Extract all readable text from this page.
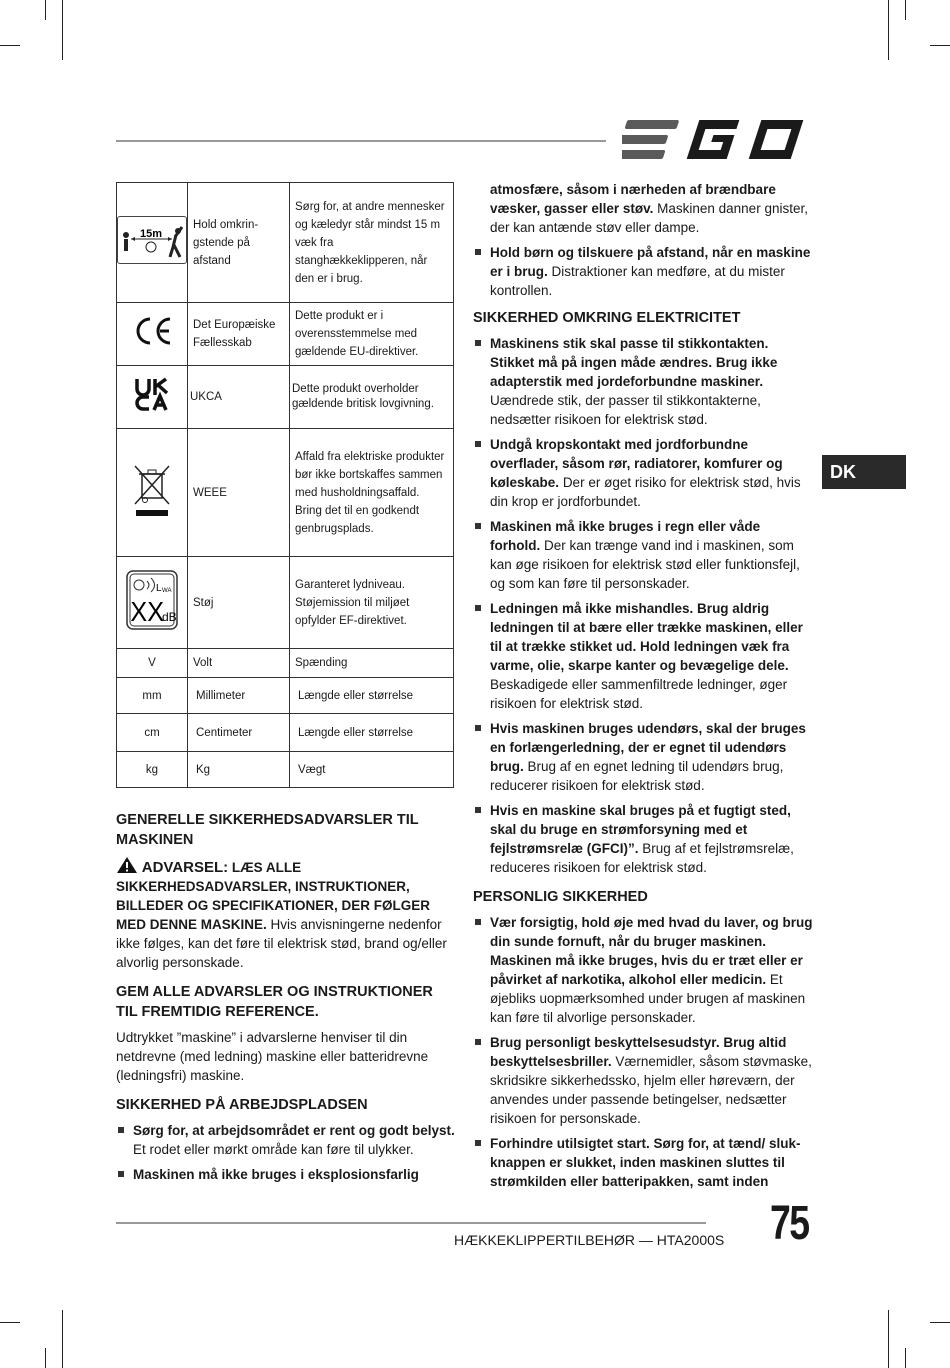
15m	Hold omkrin-
gstende på
afstand	Sørg for, at andre mennesker og kæledyr står mindst 15 m væk fra stanghækkeklipperen, når den er i brug.
	Det Europæiske Fællesskab	Dette produkt er i overensstemmelse med gældende EU-direktiver.
	UKCA	Dette produkt overholder gældende britisk lovgivning.
	WEEE	Affald fra elektriske produkter bør ikke bortskaffes sammen med husholdningsaffald. Bring det til en godkendt genbrugsplads.

L WA
XX
dB	Støj	Garanteret lydniveau. Støjemission til miljøet opfylder EF-direktivet.
V	Volt	Spænding
mm	Millimeter	Længde eller størrelse
cm	Centimeter	Længde eller størrelse
kg	Kg	Vægt
GENERELLE SIKKERHEDSADVARSLER TIL MASKINEN

ADVARSEL: LÆS ALLE SIKKERHEDSADVARSLER, INSTRUKTIONER, BILLEDER OG SPECIFIKATIONER, DER FØLGER MED DENNE MASKINE. Hvis anvisningerne nedenfor ikke følges, kan det føre til elektrisk stød, brand og/eller alvorlig personskade.

GEM ALLE ADVARSLER OG INSTRUKTIONER TIL FREMTIDIG REFERENCE.

Udtrykket ”maskine” i advarslerne henviser til din netdrevne (med ledning) maskine eller batteridrevne (ledningsfri) maskine.

SIKKERHED PÅ ARBEJDSPLADSEN
Sørg for, at arbejdsområdet er rent og godt belyst. Et rodet eller mørkt område kan føre til ulykker.
Maskinen må ikke bruges i eksplosionsfarlig
atmosfære, såsom i nærheden af brændbare væsker, gasser eller støv. Maskinen danner gnister, der kan antænde støv eller dampe.
Hold børn og tilskuere på afstand, når en maskine er i brug. Distraktioner kan medføre, at du mister kontrollen.
SIKKERHED OMKRING ELEKTRICITET
Maskinens stik skal passe til stikkontakten. Stikket må på ingen måde ændres. Brug ikke adapterstik med jordeforbundne maskiner. Uændrede stik, der passer til stikkontakterne, nedsætter risikoen for elektrisk stød.
Undgå kropskontakt med jordforbundne overflader, såsom rør, radiatorer, komfurer og køleskabe. Der er øget risiko for elektrisk stød, hvis din krop er jordforbundet.
Maskinen må ikke bruges i regn eller våde forhold. Der kan trænge vand ind i maskinen, som kan øge risikoen for elektrisk stød eller funktionsfejl, og som kan føre til personskader.
Ledningen må ikke mishandles. Brug aldrig ledningen til at bære eller trække maskinen, eller til at trække stikket ud. Hold ledningen væk fra varme, olie, skarpe kanter og bevægelige dele. Beskadigede eller sammenfiltrede ledninger, øger risikoen for elektrisk stød.
Hvis maskinen bruges udendørs, skal der bruges en forlængerledning, der er egnet til udendørs brug. Brug af en egnet ledning til udendørs brug, reducerer risikoen for elektrisk stød.
Hvis en maskine skal bruges på et fugtigt sted, skal du bruge en strømforsyning med et fejlstrømsrelæ (GFCI)”. Brug af et fejlstrømsrelæ, reduceres risikoen for elektrisk stød.
PERSONLIG SIKKERHED
Vær forsigtig, hold øje med hvad du laver, og brug din sunde fornuft, når du bruger maskinen. Maskinen må ikke bruges, hvis du er træt eller er påvirket af narkotika, alkohol eller medicin. Et øjebliks uopmærksomhed under brugen af maskinen kan føre til alvorlige personskader.
Brug personligt beskyttelsesudstyr. Brug altid beskyttelsesbriller. Værnemidler, såsom støvmaske, skridsikre sikkerhedssko, hjelm eller høreværn, der anvendes under passende betingelser, nedsætter risikoen for personskade.
Forhindre utilsigtet start. Sørg for, at tænd/ sluk-knappen er slukket, inden maskinen sluttes til strømkilden eller batteripakken, samt inden
DK
HÆKKEKLIPPERTILBEHØR — HTA2000S 75
